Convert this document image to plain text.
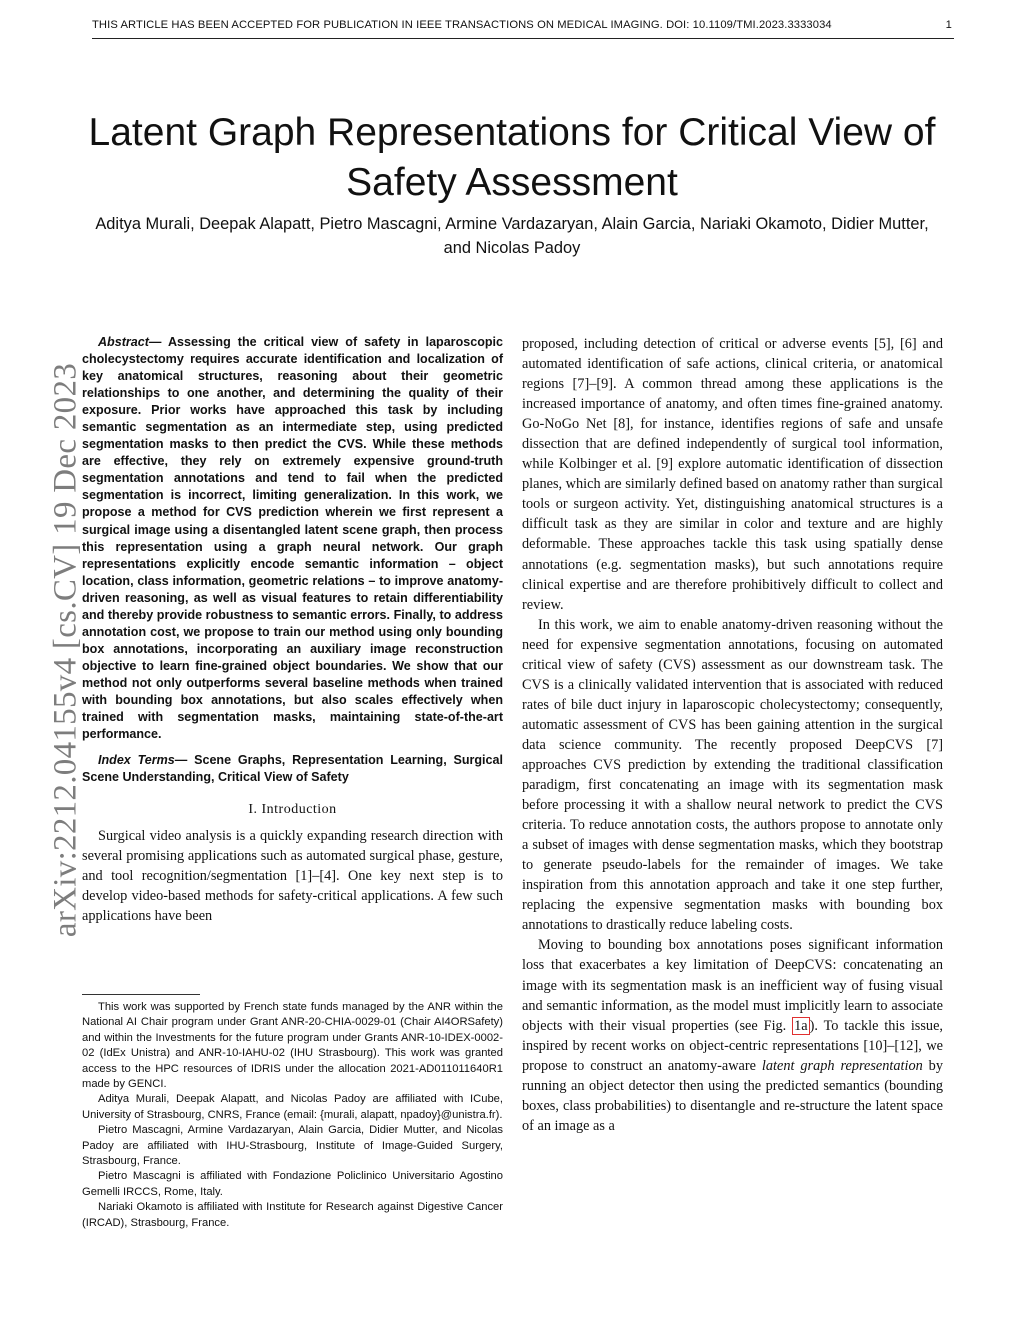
THIS ARTICLE HAS BEEN ACCEPTED FOR PUBLICATION IN IEEE TRANSACTIONS ON MEDICAL IMAGING. DOI: 10.1109/TMI.2023.3333034	1
arXiv:2212.04155v4 [cs.CV] 19 Dec 2023
Latent Graph Representations for Critical View of Safety Assessment

Aditya Murali, Deepak Alapatt, Pietro Mascagni, Armine Vardazaryan, Alain Garcia, Nariaki Okamoto, Didier Mutter, and Nicolas Padoy

Abstract— Assessing the critical view of safety in laparoscopic cholecystectomy requires accurate identification and localization of key anatomical structures, reasoning about their geometric relationships to one another, and determining the quality of their exposure. Prior works have approached this task by including semantic segmentation as an intermediate step, using predicted segmentation masks to then predict the CVS. While these methods are effective, they rely on extremely expensive ground-truth segmentation annotations and tend to fail when the predicted segmentation is incorrect, limiting generalization. In this work, we propose a method for CVS prediction wherein we first represent a surgical image using a disentangled latent scene graph, then process this representation using a graph neural network. Our graph representations explicitly encode semantic information – object location, class information, geometric relations – to improve anatomy-driven reasoning, as well as visual features to retain differentiability and thereby provide robustness to semantic errors. Finally, to address annotation cost, we propose to train our method using only bounding box annotations, incorporating an auxiliary image reconstruction objective to learn fine-grained object boundaries. We show that our method not only outperforms several baseline methods when trained with bounding box annotations, but also scales effectively when trained with segmentation masks, maintaining state-of-the-art performance.

Index Terms— Scene Graphs, Representation Learning, Surgical Scene Understanding, Critical View of Safety

I. Introduction

Surgical video analysis is a quickly expanding research direction with several promising applications such as automated surgical phase, gesture, and tool recognition/segmentation [1]–[4]. One key next step is to develop video-based methods for safety-critical applications. A few such applications have been

This work was supported by French state funds managed by the ANR within the National AI Chair program under Grant ANR-20-CHIA-0029-01 (Chair AI4ORSafety) and within the Investments for the future program under Grants ANR-10-IDEX-0002-02 (IdEx Unistra) and ANR-10-IAHU-02 (IHU Strasbourg). This work was granted access to the HPC resources of IDRIS under the allocation 2021-AD011011640R1 made by GENCI.

Aditya Murali, Deepak Alapatt, and Nicolas Padoy are affiliated with ICube, University of Strasbourg, CNRS, France (email: {murali, alapatt, npadoy}@unistra.fr).

Pietro Mascagni, Armine Vardazaryan, Alain Garcia, Didier Mutter, and Nicolas Padoy are affiliated with IHU-Strasbourg, Institute of Image-Guided Surgery, Strasbourg, France.

Pietro Mascagni is affiliated with Fondazione Policlinico Universitario Agostino Gemelli IRCCS, Rome, Italy.

Nariaki Okamoto is affiliated with Institute for Research against Digestive Cancer (IRCAD), Strasbourg, France.

proposed, including detection of critical or adverse events [5], [6] and automated identification of safe actions, clinical criteria, or anatomical regions [7]–[9]. A common thread among these applications is the increased importance of anatomy, and often times fine-grained anatomy. Go-NoGo Net [8], for instance, identifies regions of safe and unsafe dissection that are defined independently of surgical tool information, while Kolbinger et al. [9] explore automatic identification of dissection planes, which are similarly defined based on anatomy rather than surgical tools or surgeon activity. Yet, distinguishing anatomical structures is a difficult task as they are similar in color and texture and are highly deformable. These approaches tackle this task using spatially dense annotations (e.g. segmentation masks), but such annotations require clinical expertise and are therefore prohibitively difficult to collect and review.

In this work, we aim to enable anatomy-driven reasoning without the need for expensive segmentation annotations, focusing on automated critical view of safety (CVS) assessment as our downstream task. The CVS is a clinically validated intervention that is associated with reduced rates of bile duct injury in laparoscopic cholecystectomy; consequently, automatic assessment of CVS has been gaining attention in the surgical data science community. The recently proposed DeepCVS [7] approaches CVS prediction by extending the traditional classification paradigm, first concatenating an image with its segmentation mask before processing it with a shallow neural network to predict the CVS criteria. To reduce annotation costs, the authors propose to annotate only a subset of images with dense segmentation masks, which they bootstrap to generate pseudo-labels for the remainder of images. We take inspiration from this annotation approach and take it one step further, replacing the expensive segmentation masks with bounding box annotations to drastically reduce labeling costs.

Moving to bounding box annotations poses significant information loss that exacerbates a key limitation of DeepCVS: concatenating an image with its segmentation mask is an inefficient way of fusing visual and semantic information, as the model must implicitly learn to associate objects with their visual properties (see Fig. 1a ). To tackle this issue, inspired by recent works on object-centric representations [10]–[12], we propose to construct an anatomy-aware latent graph representation by running an object detector then using the predicted semantics (bounding boxes, class probabilities) to disentangle and re-structure the latent space of an image as a
